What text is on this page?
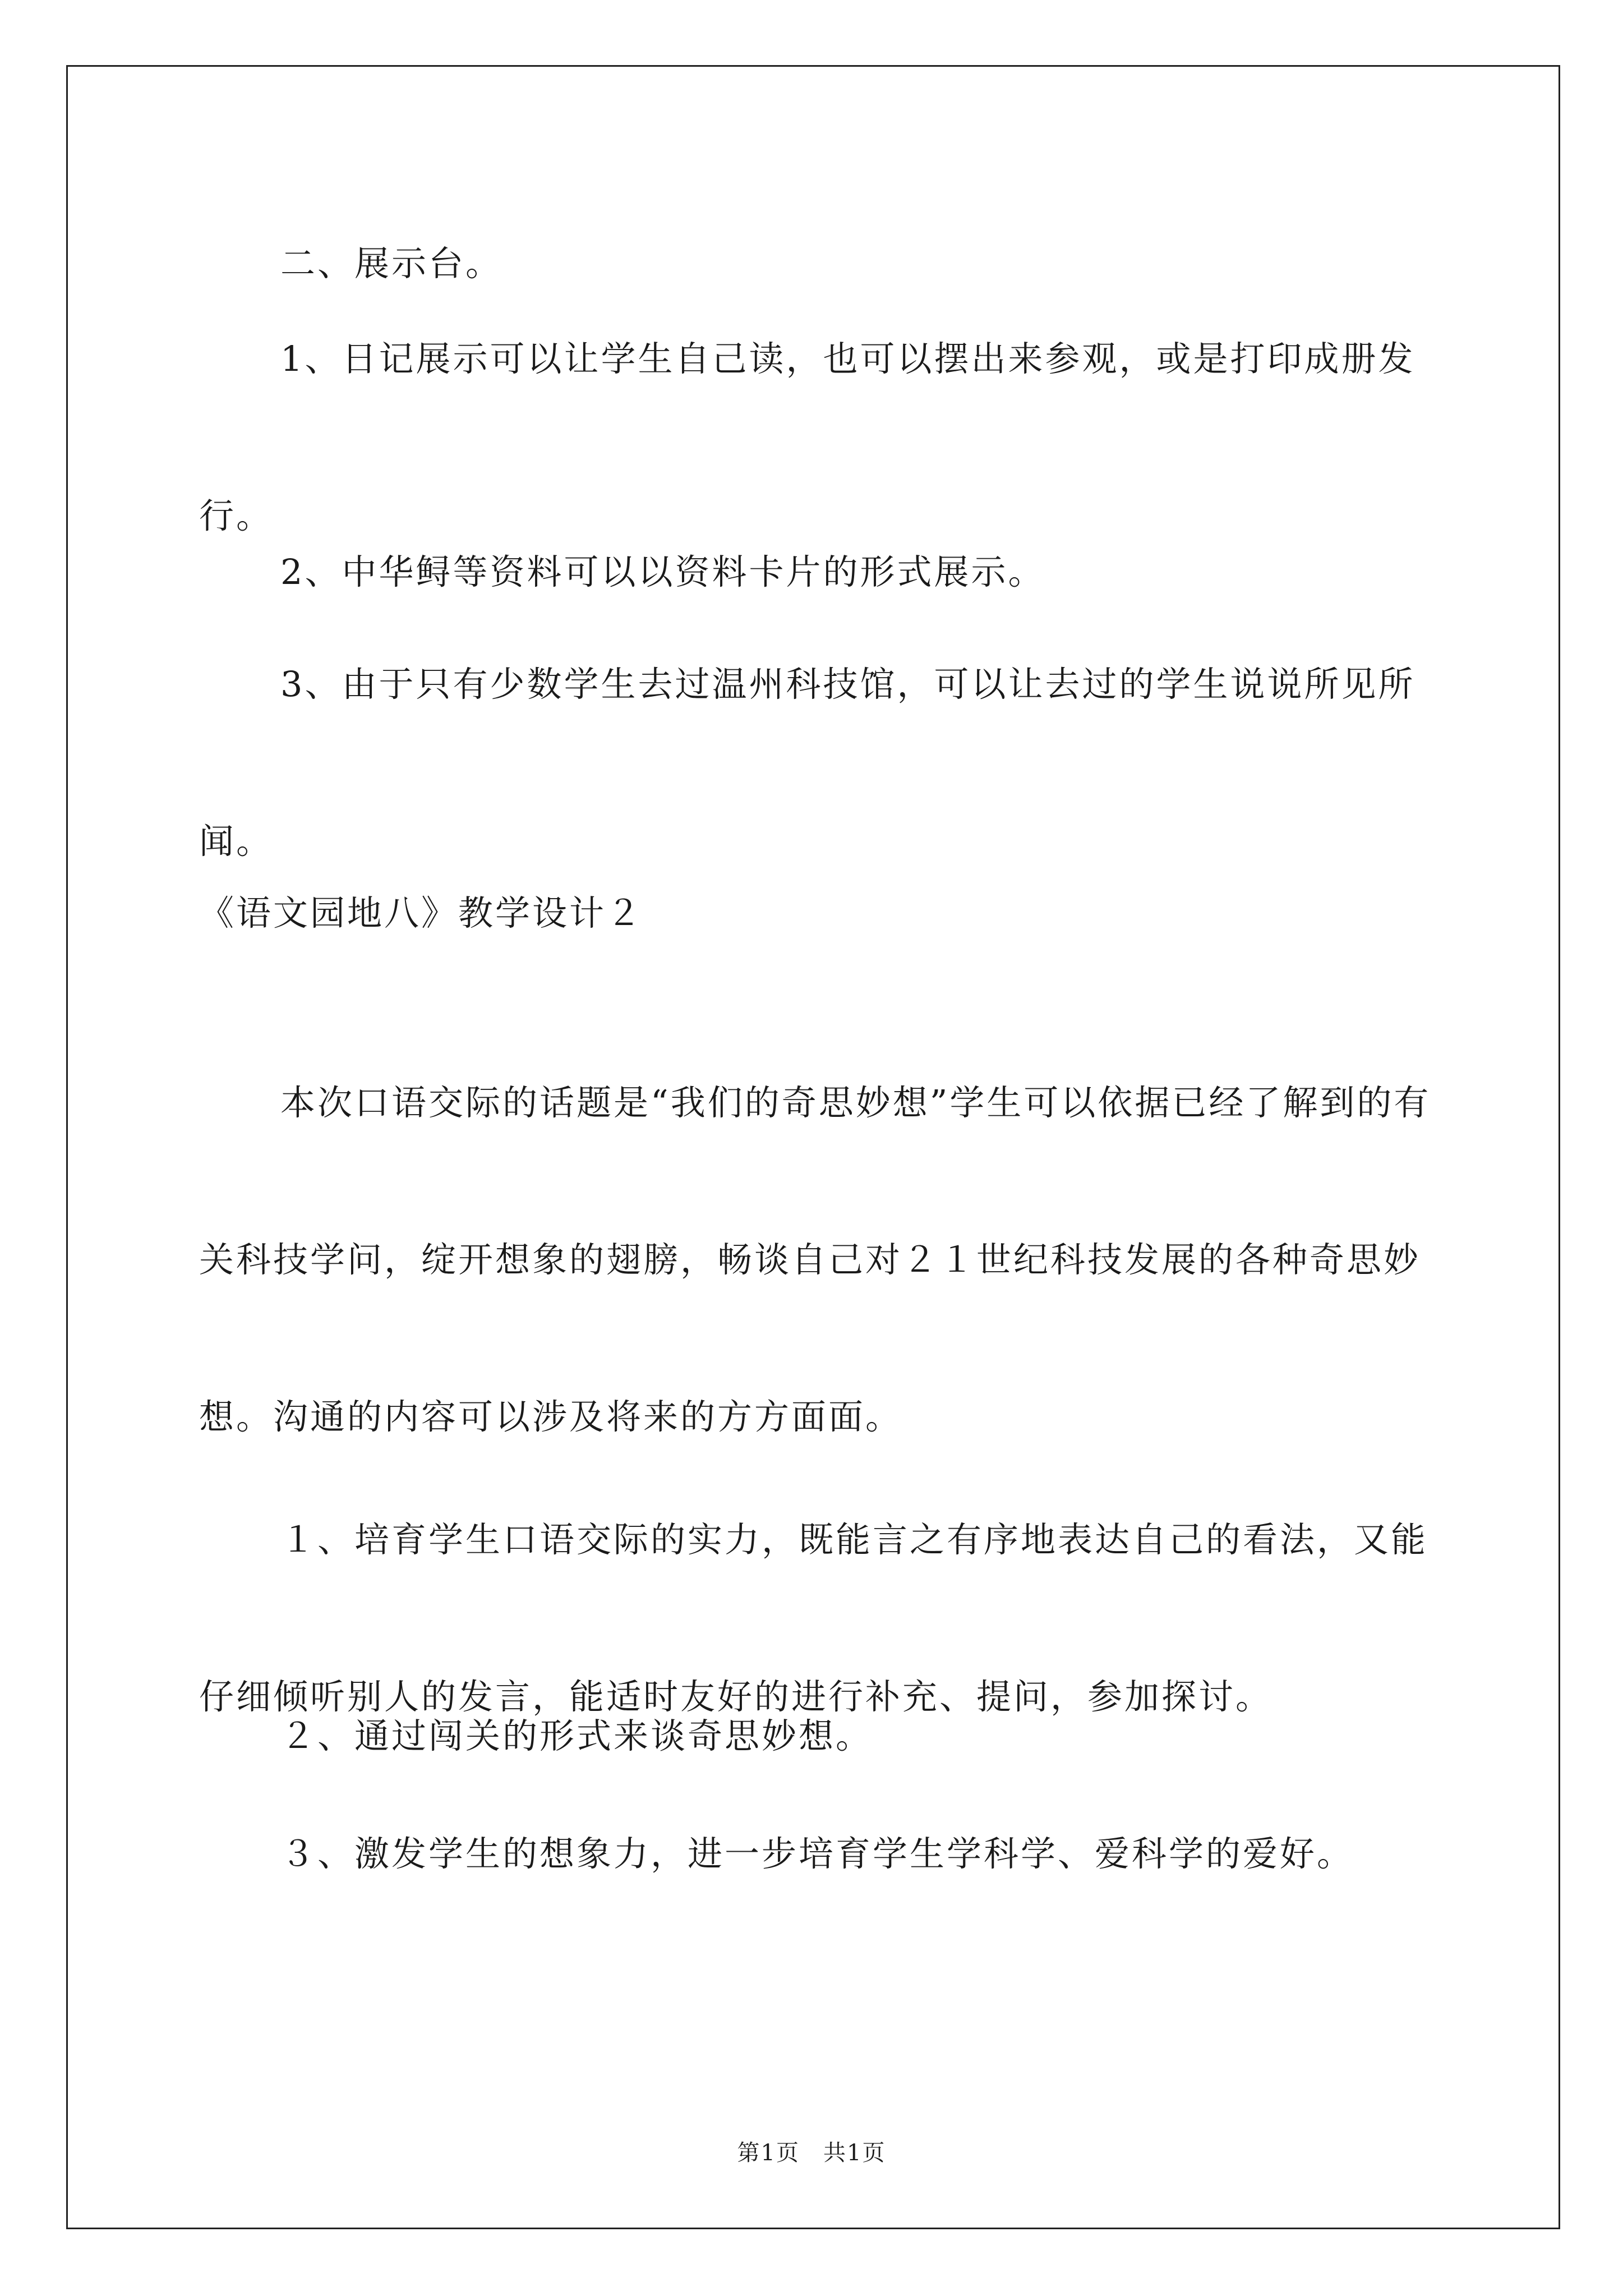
二、展示台。

1、日记展示可以让学生自己读，也可以摆出来参观，或是打印成册发行。

2、中华鲟等资料可以以资料卡片的形式展示。

3、由于只有少数学生去过温州科技馆，可以让去过的学生说说所见所闻。

《语文园地八》教学设计２

本次口语交际的话题是“我们的奇思妙想”学生可以依据已经了解到的有关科技学问，绽开想象的翅膀，畅谈自己对２１世纪科技发展的各种奇思妙想。沟通的内容可以涉及将来的方方面面。

１、培育学生口语交际的实力，既能言之有序地表达自己的看法，又能仔细倾听别人的发言，能适时友好的进行补充、提问，参加探讨。

２、通过闯关的形式来谈奇思妙想。

３、激发学生的想象力，进一步培育学生学科学、爱科学的爱好。

第1页　共1页
